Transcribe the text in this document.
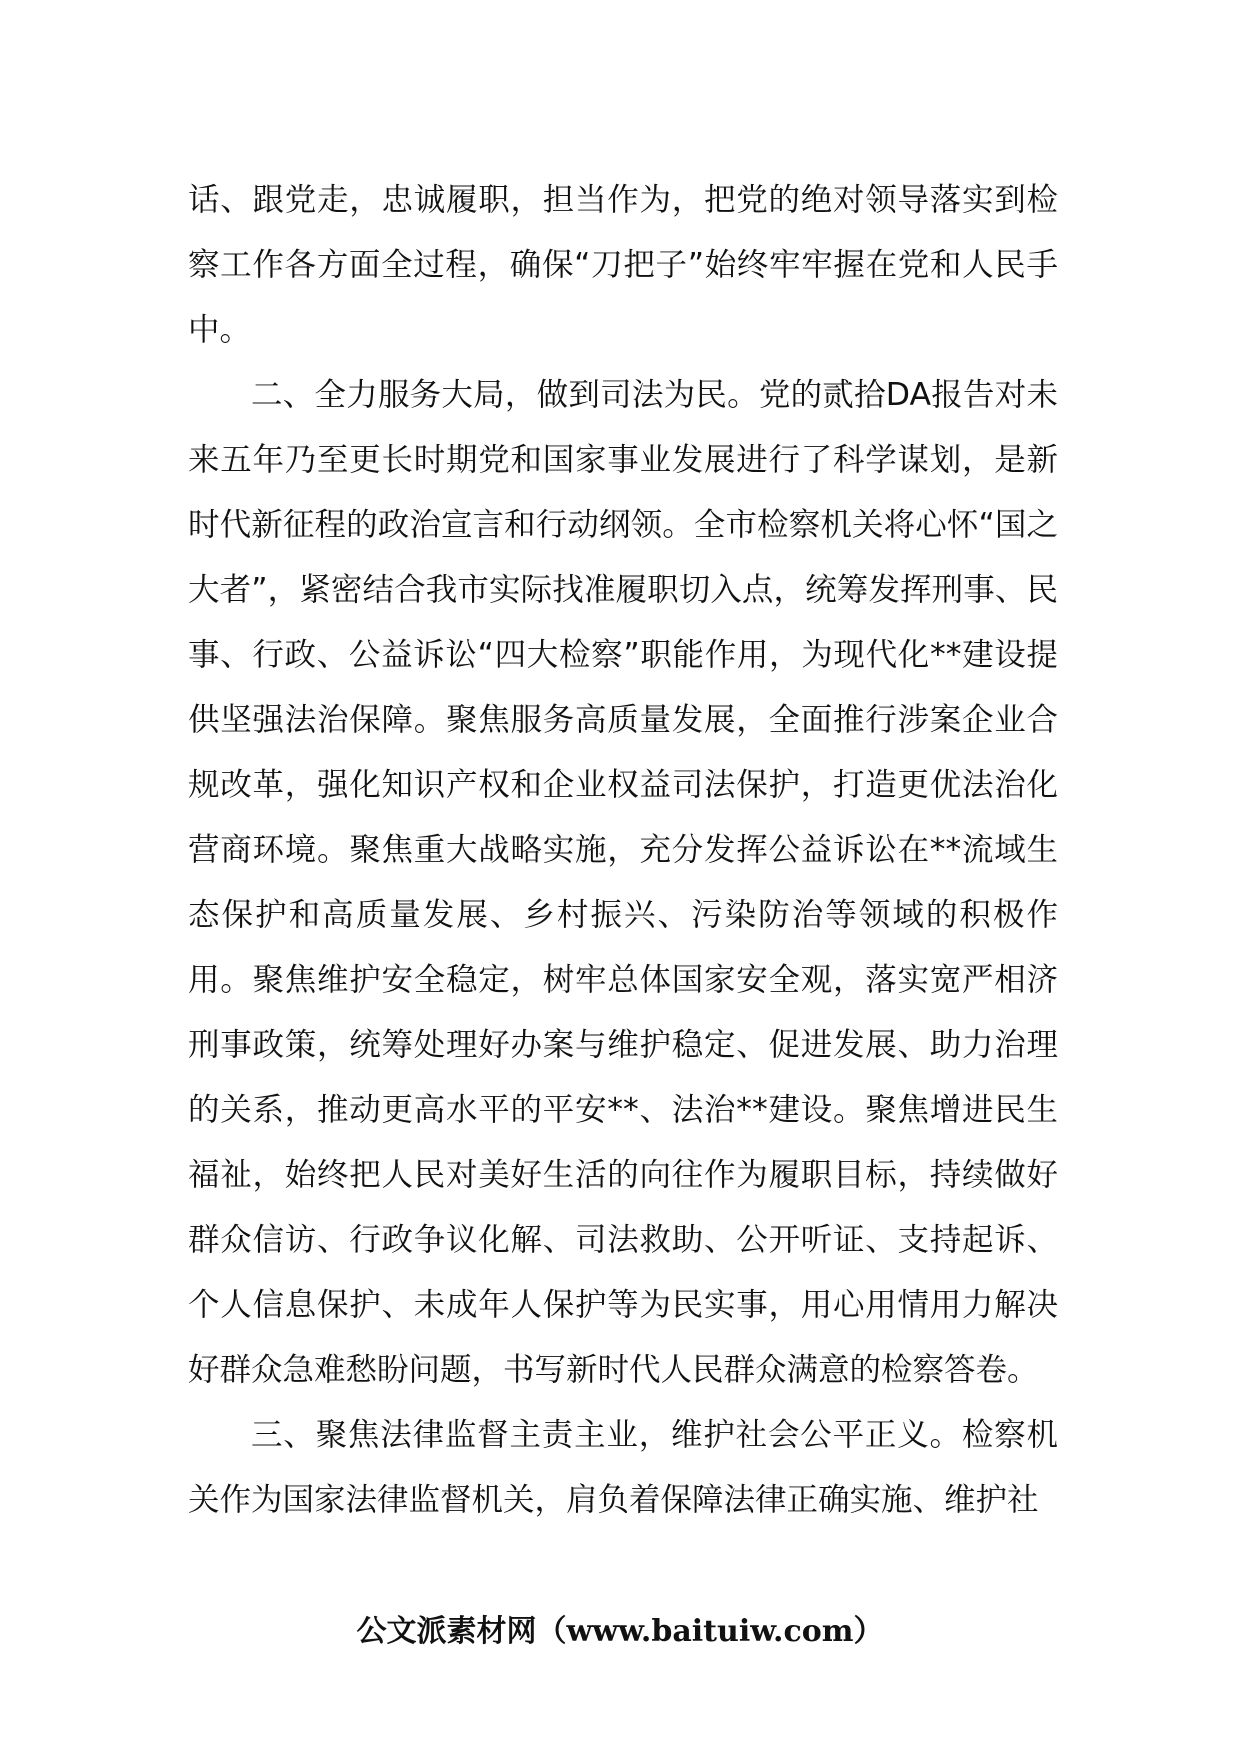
话、跟党走，忠诚履职，担当作为，把党的绝对领导落实到检察工作各方面全过程，确保“刀把子”始终牢牢握在党和人民手中。

二、全力服务大局，做到司法为民。党的贰拾DA报告对未来五年乃至更长时期党和国家事业发展进行了科学谋划，是新时代新征程的政治宣言和行动纲领。全市检察机关将心怀“国之大者”，紧密结合我市实际找准履职切入点，统筹发挥刑事、民事、行政、公益诉讼“四大检察”职能作用，为现代化**建设提供坚强法治保障。聚焦服务高质量发展，全面推行涉案企业合规改革，强化知识产权和企业权益司法保护，打造更优法治化营商环境。聚焦重大战略实施，充分发挥公益诉讼在**流域生态保护和高质量发展、乡村振兴、污染防治等领域的积极作用。聚焦维护安全稳定，树牢总体国家安全观，落实宽严相济刑事政策，统筹处理好办案与维护稳定、促进发展、助力治理的关系，推动更高水平的平安**、法治**建设。聚焦增进民生福祉，始终把人民对美好生活的向往作为履职目标，持续做好群众信访、行政争议化解、司法救助、公开听证、支持起诉、个人信息保护、未成年人保护等为民实事，用心用情用力解决好群众急难愁盼问题，书写新时代人民群众满意的检察答卷。

三、聚焦法律监督主责主业，维护社会公平正义。检察机关作为国家法律监督机关，肩负着保障法律正确实施、维护社

公文派素材网（www.baituiw.com）
